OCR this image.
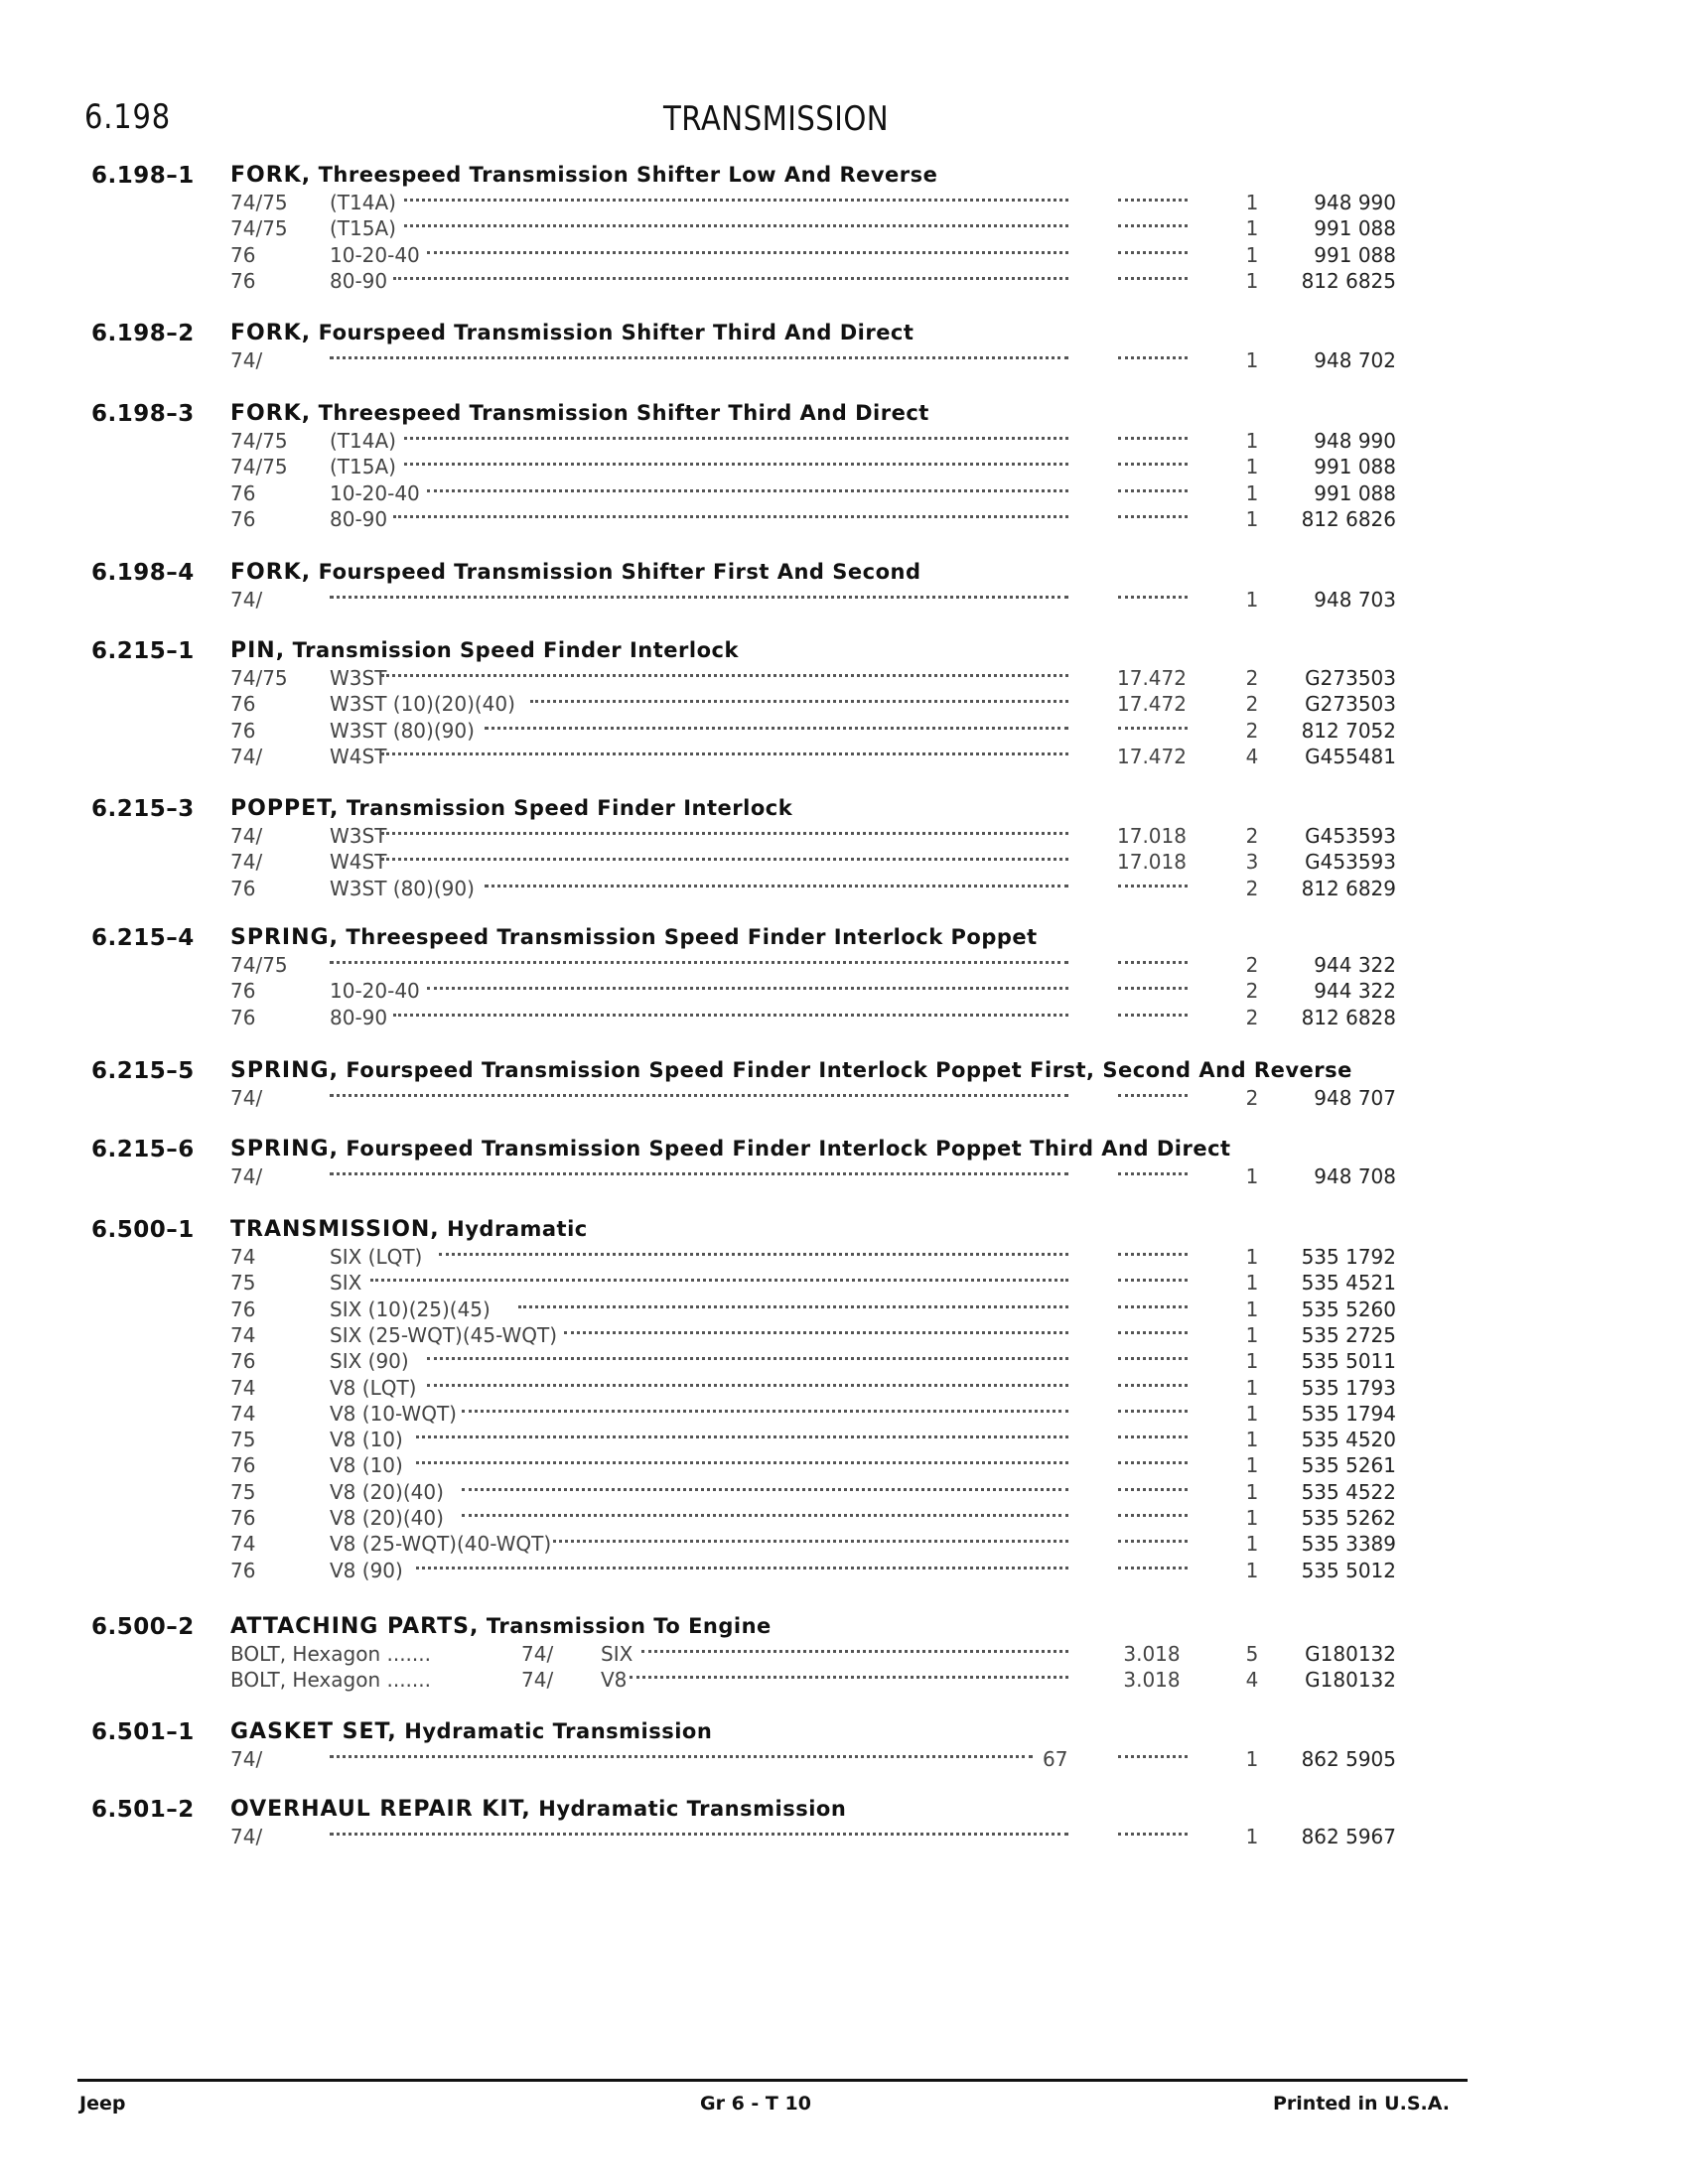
6.198	TRANSMISSION
6.198–1 FORK, Threespeed Transmission Shifter Low And Reverse
74/75 (T14A)	1	948 990
74/75 (T15A)	1	991 088
76	10-20-40	1	991 088
76	80-90	1	812 6825
6.198–2 FORK, Fourspeed Transmission Shifter Third And Direct
74/	1	948 702
6.198–3 FORK, Threespeed Transmission Shifter Third And Direct
74/75 (T14A)	1	948 990
74/75 (T15A)	1	991 088
76	10-20-40	1	991 088
76	80-90	1	812 6826
6.198–4 FORK, Fourspeed Transmission Shifter First And Second
74/	1	948 703
6.215–1 PIN, Transmission Speed Finder Interlock
74/75 W3ST	17.472	2	G273503
76	W3ST (10)(20)(40)	17.472	2	G273503
76	W3ST (80)(90)	2	812 7052
74/	W4ST	17.472	4	G455481
6.215–3 POPPET, Transmission Speed Finder Interlock
74/	W3ST	17.018	2	G453593
74/	W4ST	17.018	3	G453593
76	W3ST (80)(90)	2	812 6829
6.215–4 SPRING, Threespeed Transmission Speed Finder Interlock Poppet
74/75	2	944 322
76	10-20-40	2	944 322
76	80-90	2	812 6828
6.215–5 SPRING, Fourspeed Transmission Speed Finder Interlock Poppet First, Second And Reverse
74/	2	948 707
6.215–6 SPRING, Fourspeed Transmission Speed Finder Interlock Poppet Third And Direct
74/	1	948 708
6.500–1 TRANSMISSION, Hydramatic
74	SIX (LQT)	1	535 1792
75	SIX	1	535 4521
76	SIX (10)(25)(45)	1	535 5260
74	SIX (25-WQT)(45-WQT)	1	535 2725
76	SIX (90)	1	535 5011
74	V8 (LQT)	1	535 1793
74	V8 (10-WQT)	1	535 1794
75	V8 (10)	1	535 4520
76	V8 (10)	1	535 5261
75	V8 (20)(40)	1	535 4522
76	V8 (20)(40)	1	535 5262
74	V8 (25-WQT)(40-WQT)	1	535 3389
76	V8 (90)	1	535 5012
6.500–2 ATTACHING PARTS, Transmission To Engine
BOLT, Hexagon .......	74/ SIX	3.018	5	G180132
BOLT, Hexagon .......	74/ V8	3.018	4	G180132
6.501–1 GASKET SET, Hydramatic Transmission
74/	67	1	862 5905
6.501–2 OVERHAUL REPAIR KIT, Hydramatic Transmission
74/	1	862 5967
Jeep	Gr 6 - T 10	Printed in U.S.A.
